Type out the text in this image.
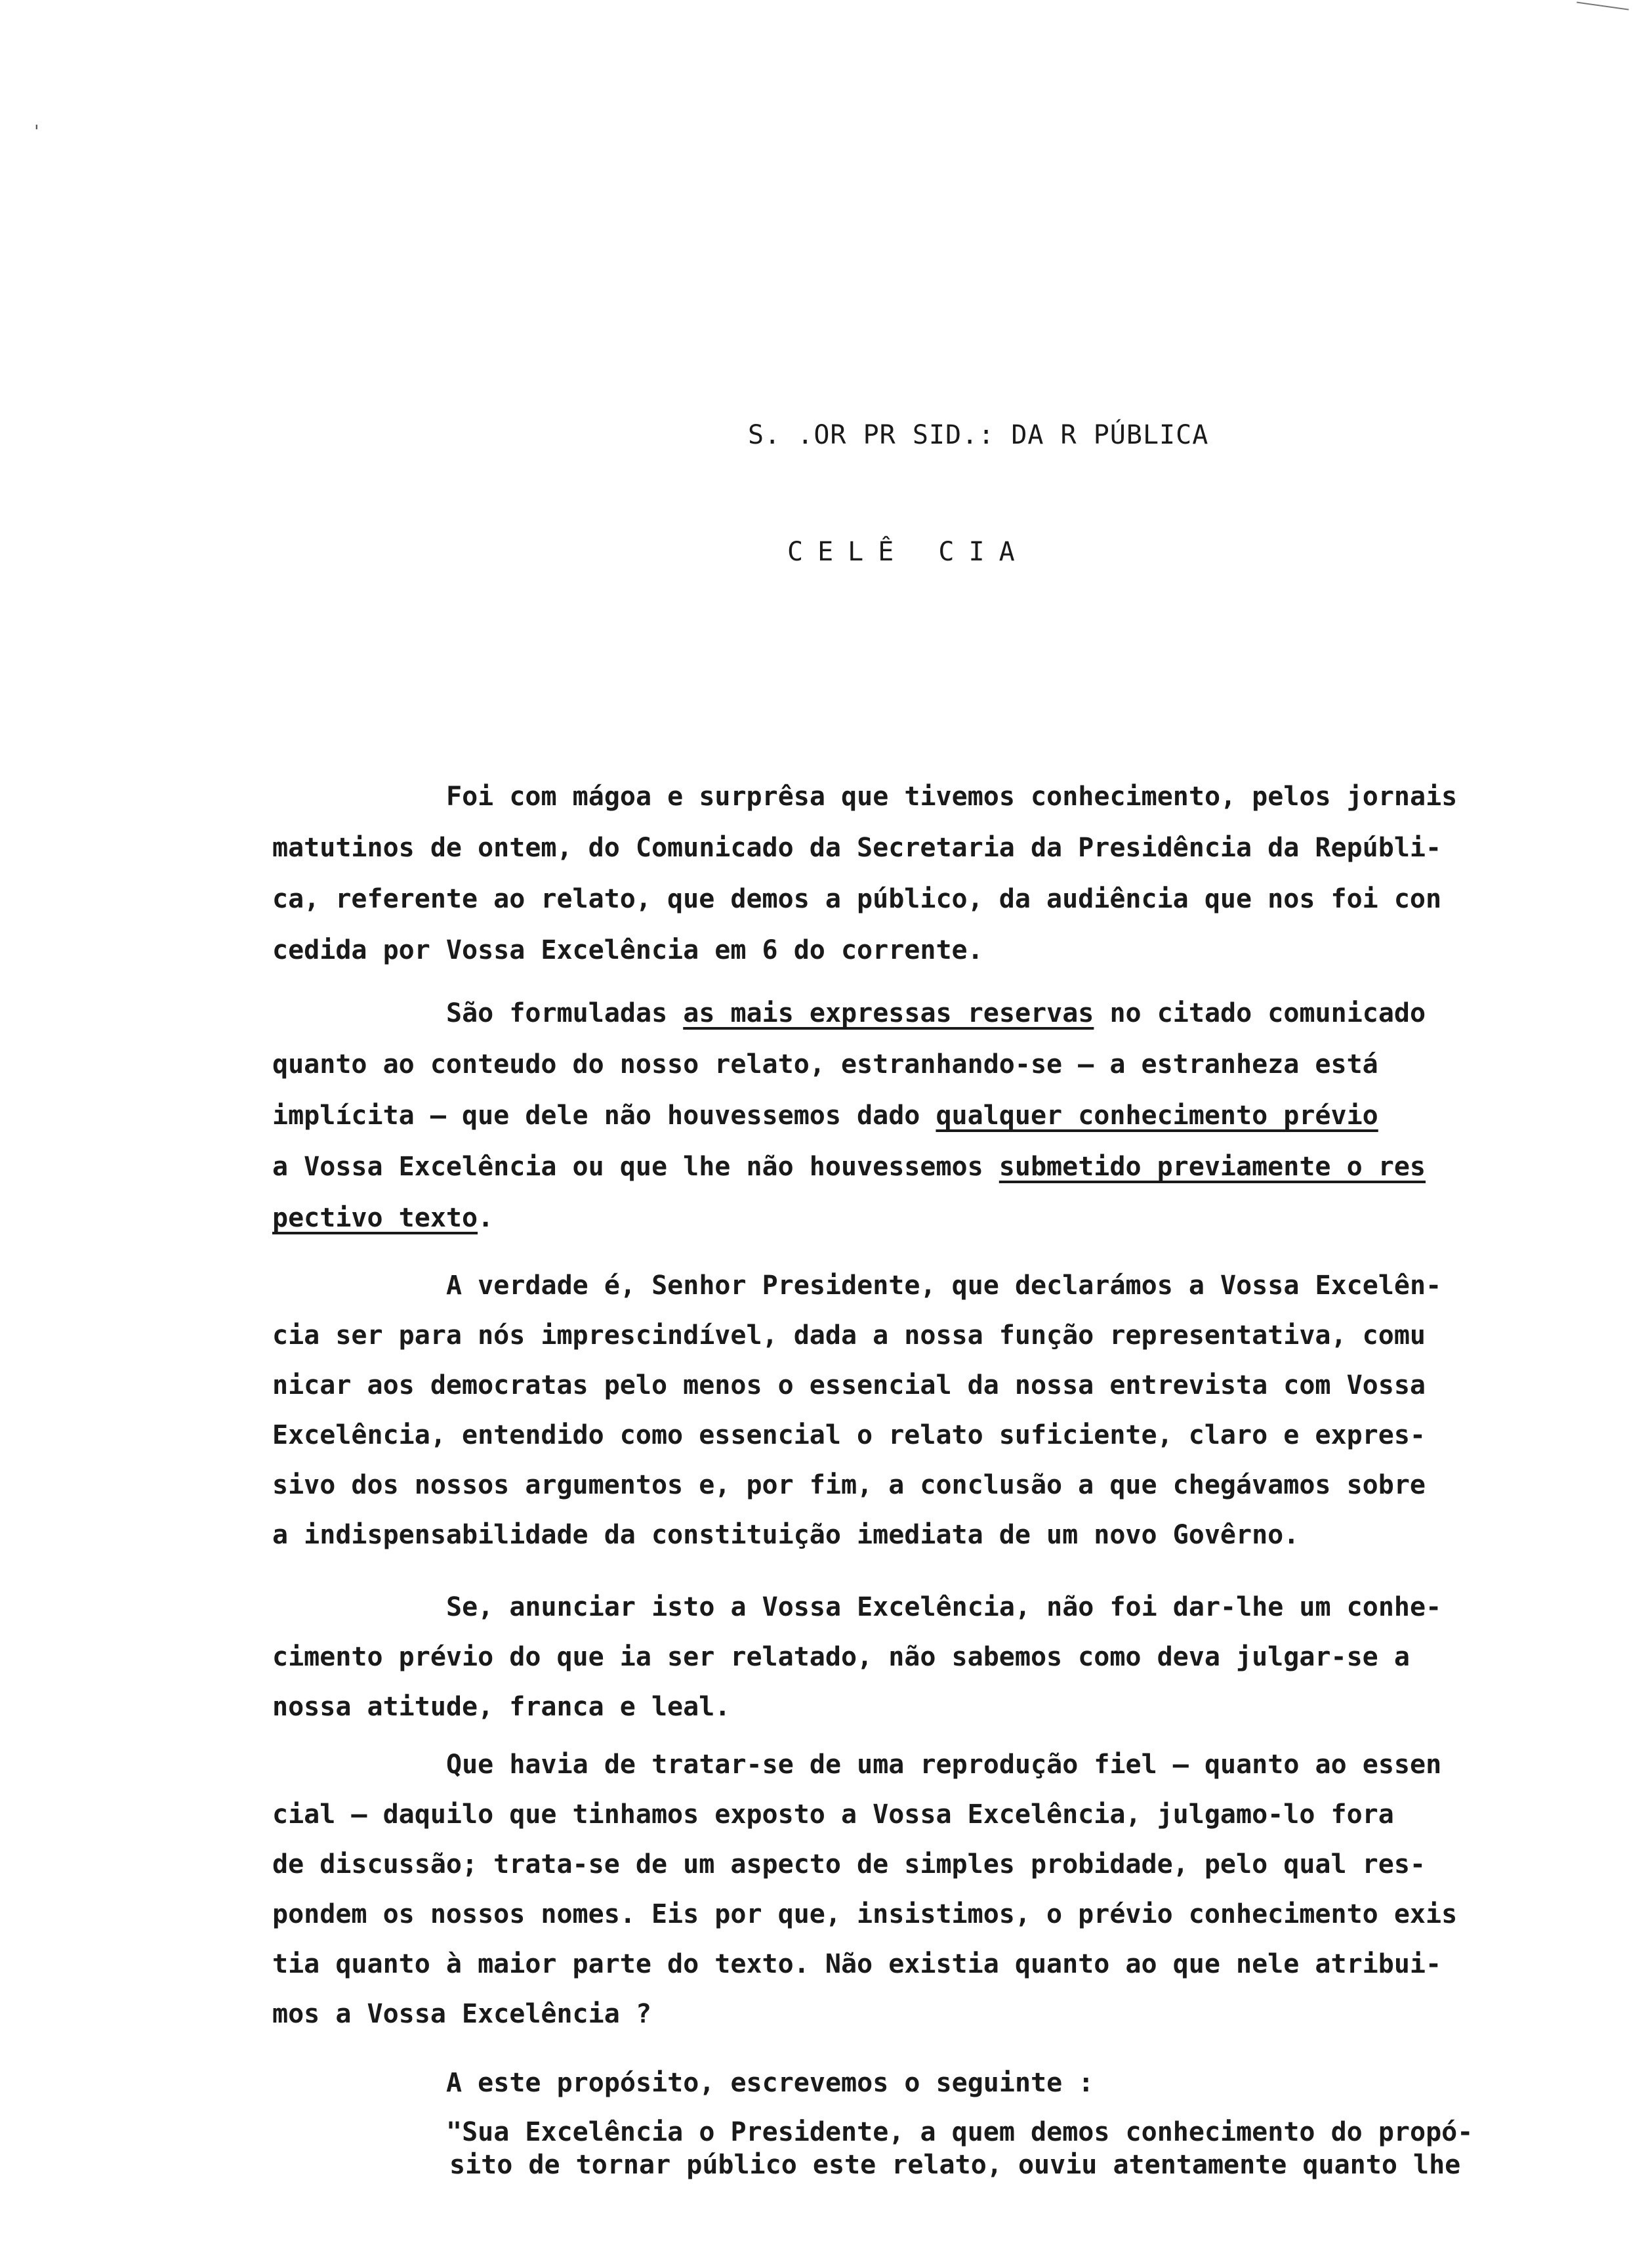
'
S. .OR PR SID.: DA R PÚBLICA
CELÊ CIA
Foi com mágoa e surprêsa que tivemos conhecimento, pelos jornais
matutinos de ontem, do Comunicado da Secretaria da Presidência da Repúbli-
ca, referente ao relato, que demos a público, da audiência que nos foi con
cedida por Vossa Excelência em 6 do corrente.
São formuladas as mais expressas reservas no citado comunicado
quanto ao conteudo do nosso relato, estranhando-se — a estranheza está
implícita — que dele não houvessemos dado qualquer conhecimento prévio
a Vossa Excelência ou que lhe não houvessemos submetido previamente o res
pectivo texto.
A verdade é, Senhor Presidente, que declarámos a Vossa Excelên-
cia ser para nós imprescindível, dada a nossa função representativa, comu
nicar aos democratas pelo menos o essencial da nossa entrevista com Vossa
Excelência, entendido como essencial o relato suficiente, claro e expres-
sivo dos nossos argumentos e, por fim, a conclusão a que chegávamos sobre
a indispensabilidade da constituição imediata de um novo Govêrno.
Se, anunciar isto a Vossa Excelência, não foi dar-lhe um conhe-
cimento prévio do que ia ser relatado, não sabemos como deva julgar-se a
nossa atitude, franca e leal.
Que havia de tratar-se de uma reprodução fiel — quanto ao essen
cial — daquilo que tinhamos exposto a Vossa Excelência, julgamo-lo fora
de discussão; trata-se de um aspecto de simples probidade, pelo qual res-
pondem os nossos nomes. Eis por que, insistimos, o prévio conhecimento exis
tia quanto à maior parte do texto. Não existia quanto ao que nele atribui-
mos a Vossa Excelência ?
A este propósito, escrevemos o seguinte :
"Sua Excelência o Presidente, a quem demos conhecimento do propó-
sito de tornar público este relato, ouviu atentamente quanto lhe
